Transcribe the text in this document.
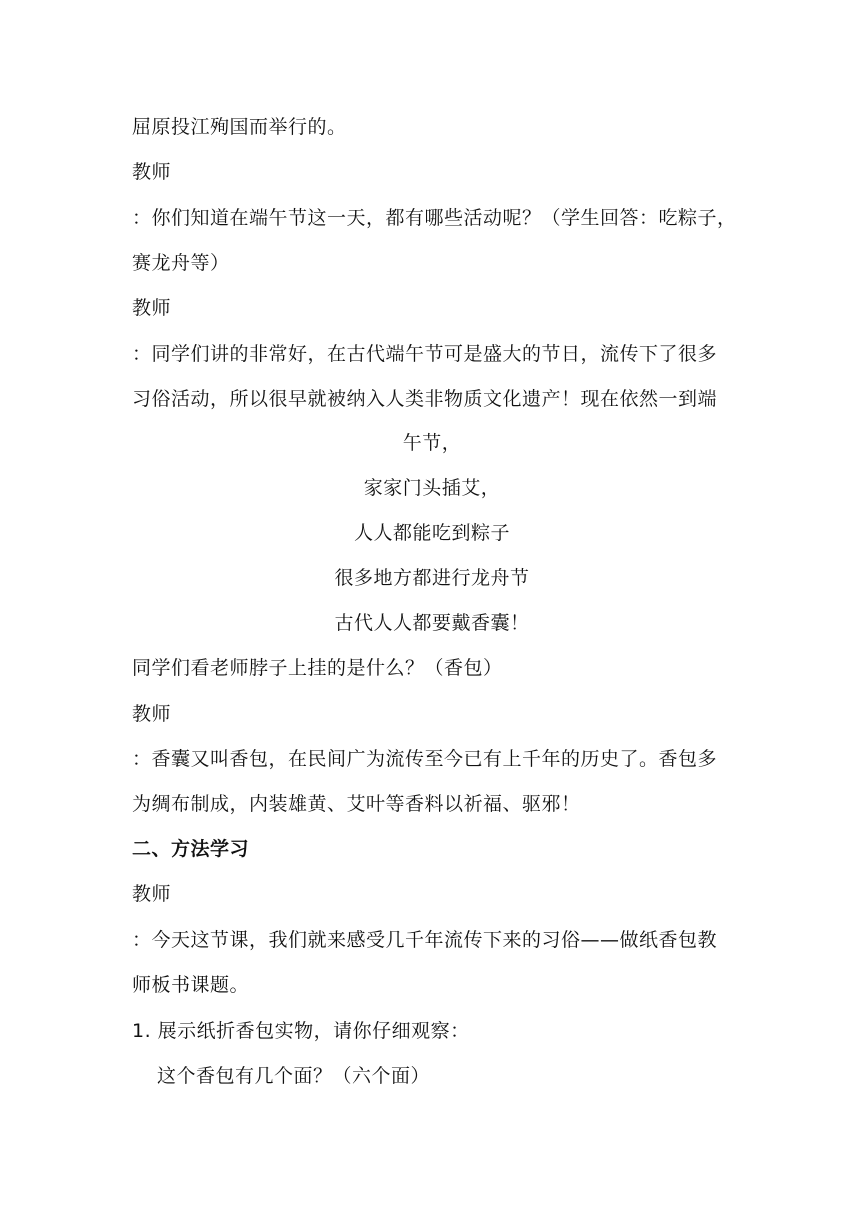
屈原投江殉国而举行的。
教师
：你们知道在端午节这一天，都有哪些活动呢？（学生回答：吃粽子，
赛龙舟等）
教师
：同学们讲的非常好，在古代端午节可是盛大的节日，流传下了很多
习俗活动，所以很早就被纳入人类非物质文化遗产！现在依然一到端
午节，
家家门头插艾，
人人都能吃到粽子
很多地方都进行龙舟节
古代人人都要戴香囊！
同学们看老师脖子上挂的是什么？（香包）
教师
：香囊又叫香包，在民间广为流传至今已有上千年的历史了。香包多
为绸布制成，内装雄黄、艾叶等香料以祈福、驱邪！
二、方法学习
教师
：今天这节课，我们就来感受几千年流传下来的习俗——做纸香包教
师板书课题。
1. 展示纸折香包实物，请你仔细观察：
这个香包有几个面？（六个面）
